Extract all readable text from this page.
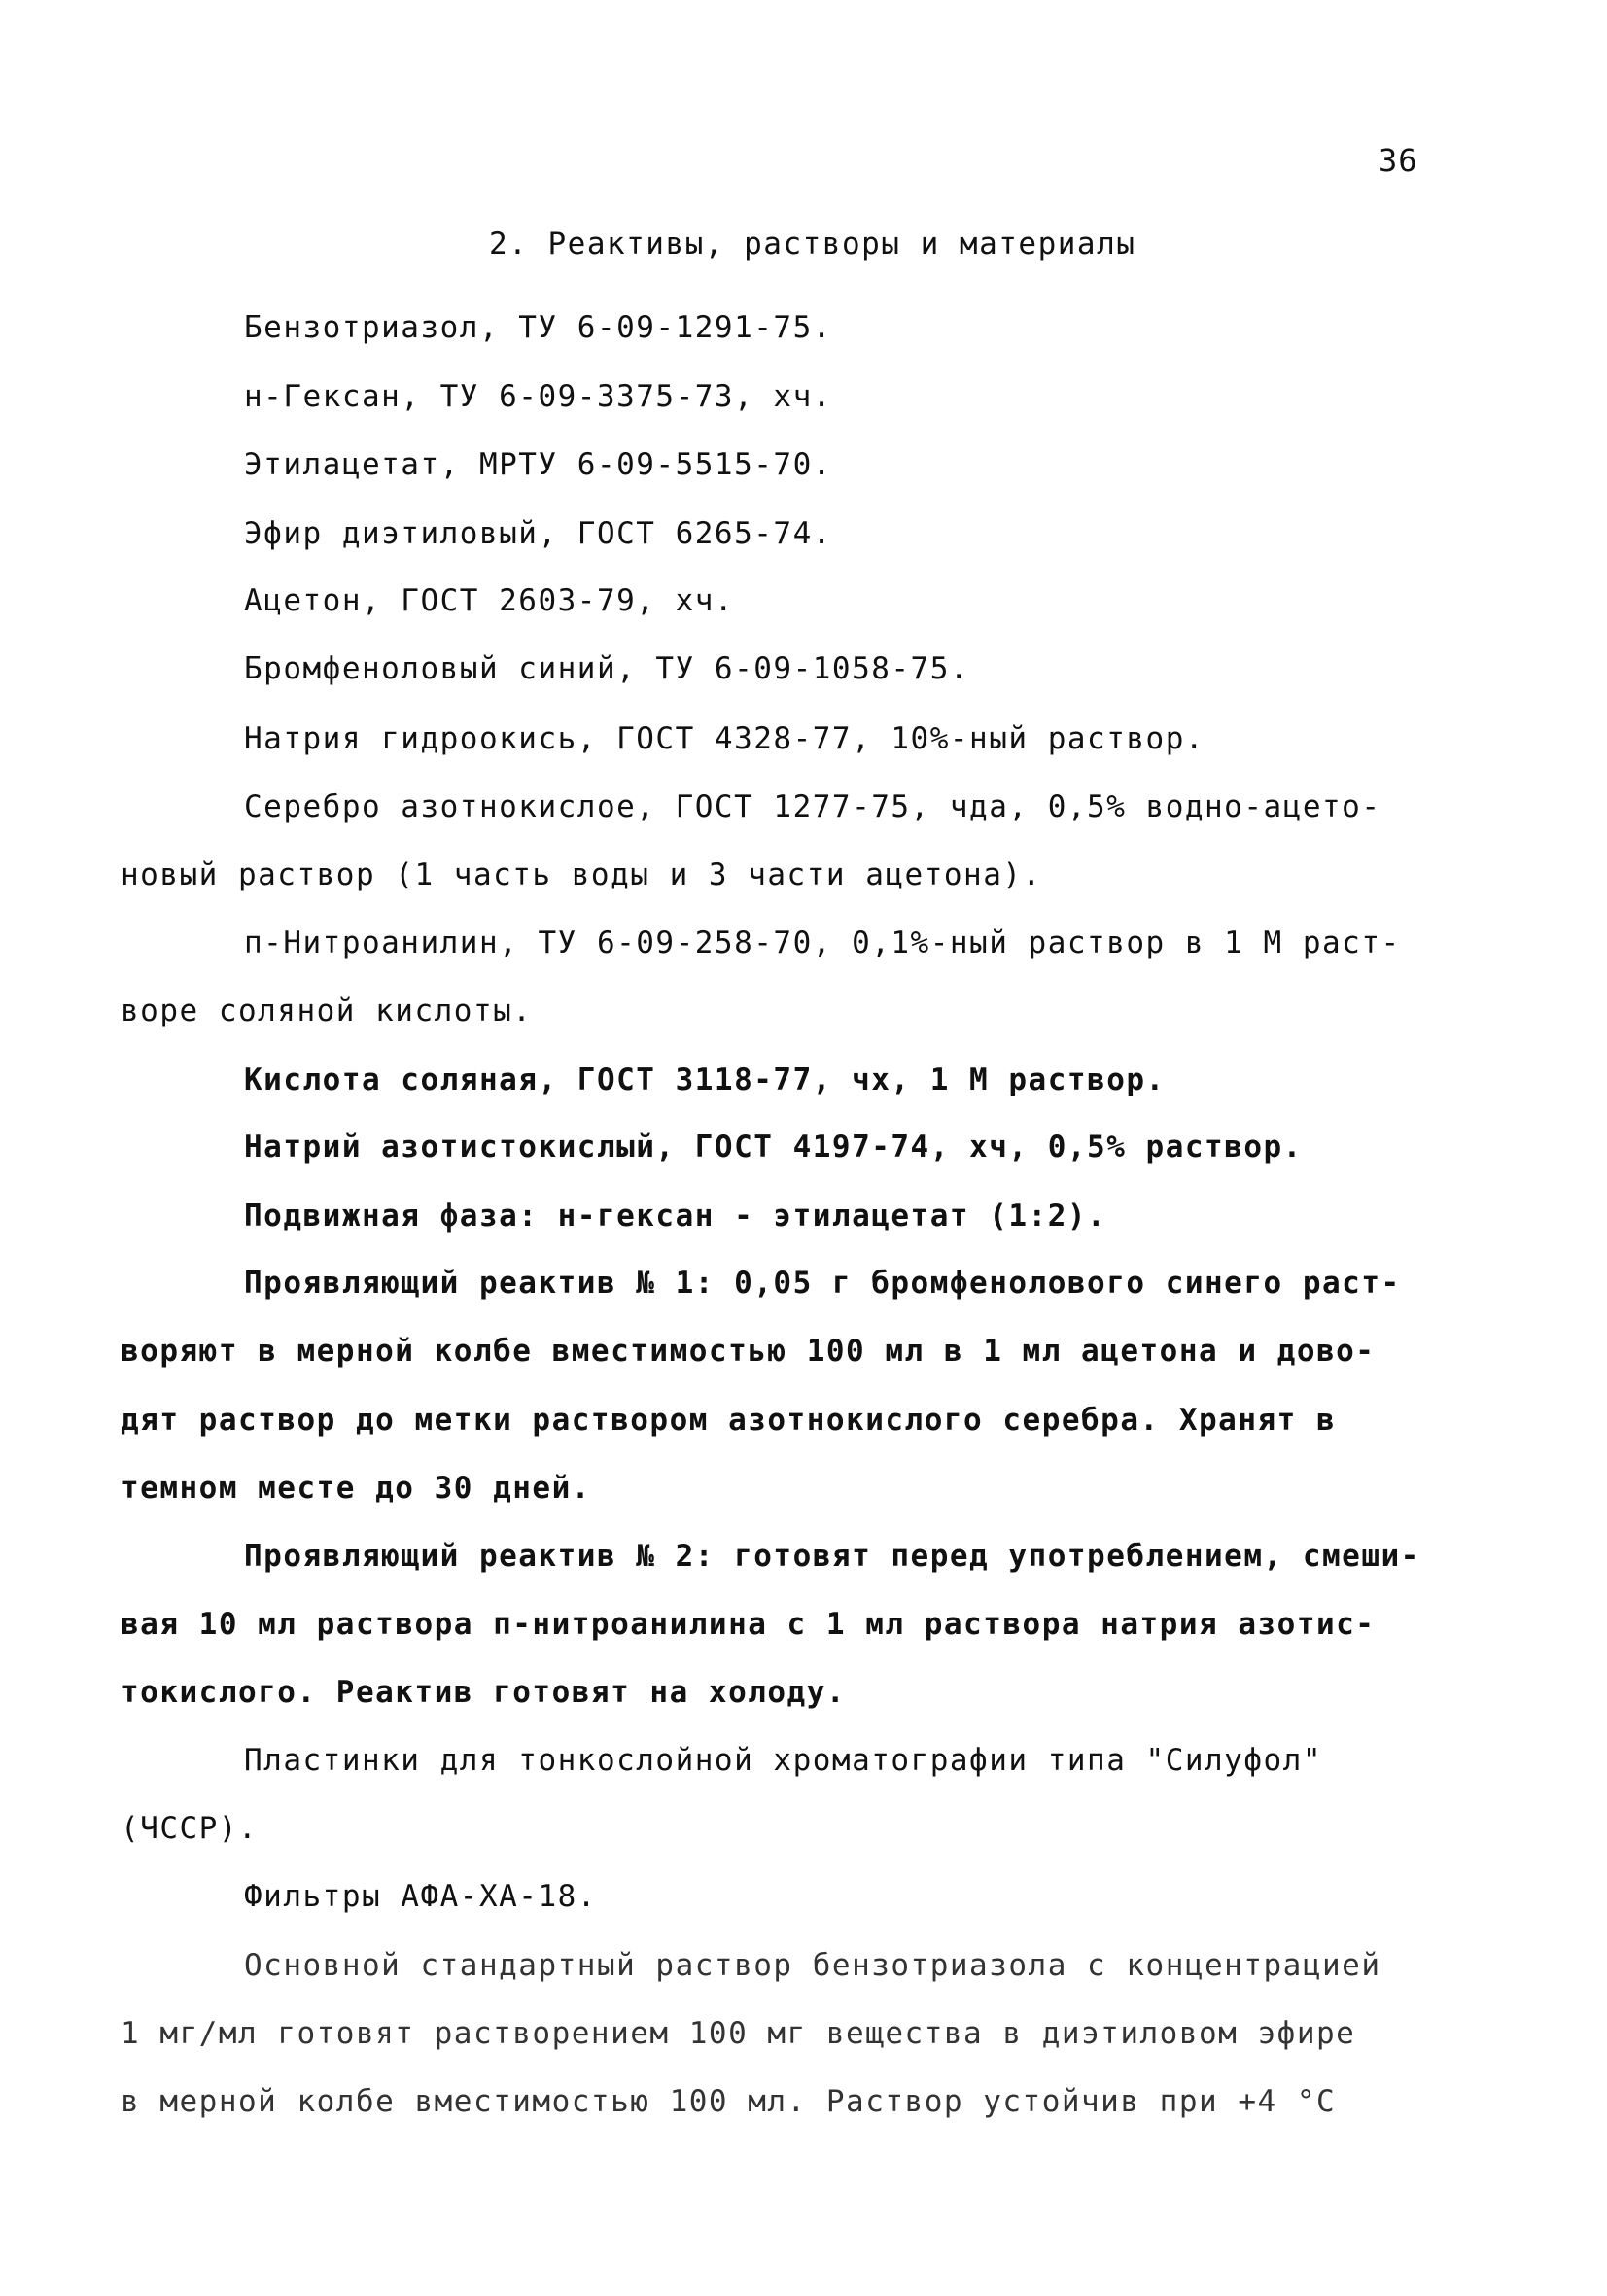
36
2. Реактивы, растворы и материалы
Бензотриазол, ТУ 6-09-1291-75.
н-Гексан, ТУ 6-09-3375-73, хч.
Этилацетат, МРТУ 6-09-5515-70.
Эфир диэтиловый, ГОСТ 6265-74.
Ацетон, ГОСТ 2603-79, хч.
Бромфеноловый синий, ТУ 6-09-1058-75.
Натрия гидроокись, ГОСТ 4328-77, 10%-ный раствор.
Серебро азотнокислое, ГОСТ 1277-75, чда, 0,5% водно-ацето-
новый раствор (1 часть воды и 3 части ацетона).
п-Нитроанилин, ТУ 6-09-258-70, 0,1%-ный раствор в 1 М раст-
воре соляной кислоты.
Кислота соляная, ГОСТ 3118-77, чх, 1 М раствор.
Натрий азотистокислый, ГОСТ 4197-74, хч, 0,5% раствор.
Подвижная фаза: н-гексан - этилацетат (1:2).
Проявляющий реактив № 1: 0,05 г бромфенолового синего раст-
воряют в мерной колбе вместимостью 100 мл в 1 мл ацетона и дово-
дят раствор до метки раствором азотнокислого серебра. Хранят в
темном месте до 30 дней.
Проявляющий реактив № 2: готовят перед употреблением, смеши-
вая 10 мл раствора п-нитроанилина с 1 мл раствора натрия азотис-
токислого. Реактив готовят на холоду.
Пластинки для тонкослойной хроматографии типа "Силуфол"
(ЧССР).
Фильтры АФА-ХА-18.
Основной стандартный раствор бензотриазола с концентрацией
1 мг/мл готовят растворением 100 мг вещества в диэтиловом эфире
в мерной колбе вместимостью 100 мл. Раствор устойчив при +4 °С
